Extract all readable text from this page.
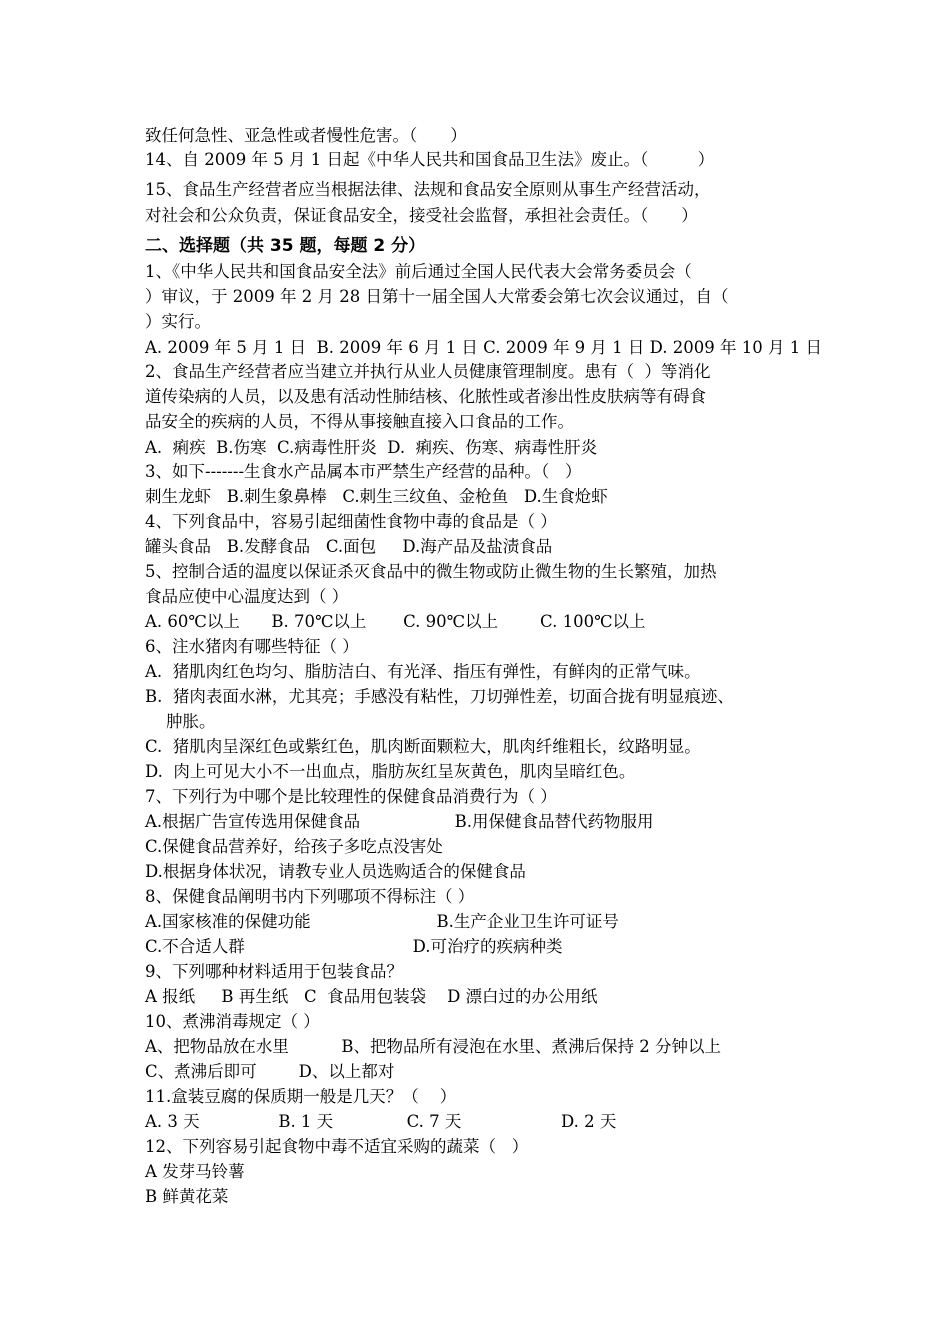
致任何急性、亚急性或者慢性危害。（　　）
14、自 2009 年 5 月 1 日起《中华人民共和国食品卫生法》废止。（　　　）
15、食品生产经营者应当根据法律、法规和食品安全原则从事生产经营活动，
对社会和公众负责，保证食品安全，接受社会监督，承担社会责任。（　　）
二、选择题（共 35 题，每题 2 分）
1、《中华人民共和国食品安全法》前后通过全国人民代表大会常务委员会（
）审议，于 2009 年 2 月 28 日第十一届全国人大常委会第七次会议通过，自（
）实行。
A. 2009 年 5 月 1 日  B. 2009 年 6 月 1 日 C. 2009 年 9 月 1 日 D. 2009 年 10 月 1 日
2、食品生产经营者应当建立并执行从业人员健康管理制度。患有（  ）等消化
道传染病的人员，以及患有活动性肺结核、化脓性或者渗出性皮肤病等有碍食
品安全的疾病的人员，不得从事接触直接入口食品的工作。
A.  痢疾  B.伤寒  C.病毒性肝炎  D.  痢疾、伤寒、病毒性肝炎
3、如下-------生食水产品属本市严禁生产经营的品种。（   ）
刺生龙虾   B.刺生象鼻棒   C.刺生三纹鱼、金枪鱼   D.生食炝虾
4、下列食品中，容易引起细菌性食物中毒的食品是（ ）
罐头食品   B.发酵食品   C.面包     D.海产品及盐渍食品
5、控制合适的温度以保证杀灭食品中的微生物或防止微生物的生长繁殖，加热
食品应使中心温度达到（ ）
A. 60℃以上      B. 70℃以上       C. 90℃以上        C. 100℃以上
6、注水猪肉有哪些特征（ ）
A.  猪肌肉红色均匀、脂肪洁白、有光泽、指压有弹性，有鲜肉的正常气味。
B.  猪肉表面水淋，尤其亮；手感没有粘性，刀切弹性差，切面合拢有明显痕迹、
肿胀。
C.  猪肌肉呈深红色或紫红色，肌肉断面颗粒大，肌肉纤维粗长，纹路明显。
D.  肉上可见大小不一出血点，脂肪灰红呈灰黄色，肌肉呈暗红色。
7、下列行为中哪个是比较理性的保健食品消费行为（ ）
A.根据广告宣传选用保健食品                  B.用保健食品替代药物服用
C.保健食品营养好，给孩子多吃点没害处
D.根据身体状况，请教专业人员选购适合的保健食品
8、保健食品阐明书内下列哪项不得标注（ ）
A.国家核准的保健功能                        B.生产企业卫生许可证号
C.不合适人群                                D.可治疗的疾病种类
9、下列哪种材料适用于包装食品？
A 报纸     B 再生纸   C  食品用包装袋    D 漂白过的办公用纸
10、煮沸消毒规定（ ）
A、把物品放在水里          B、把物品所有浸泡在水里、煮沸后保持 2 分钟以上
C、煮沸后即可        D、以上都对
11.盒装豆腐的保质期一般是几天？（    ）
A. 3 天               B. 1 天              C. 7 天                   D. 2 天
12、下列容易引起食物中毒不适宜采购的蔬菜（   ）
A 发芽马铃薯
B 鲜黄花菜
